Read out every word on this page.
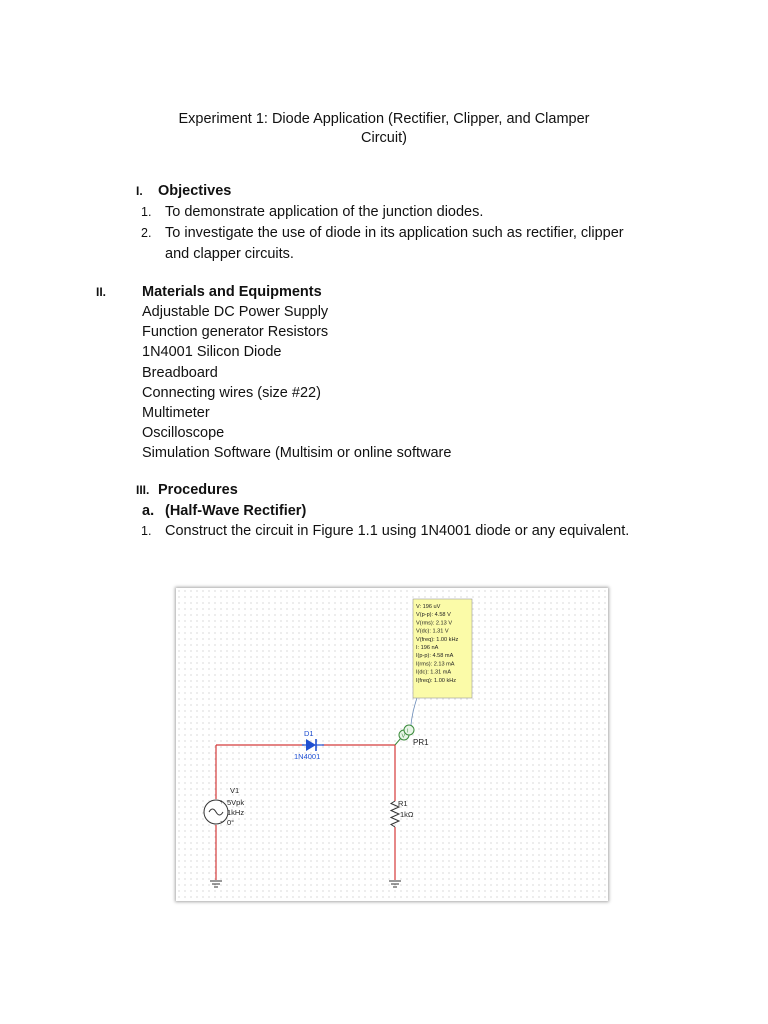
Experiment 1: Diode Application (Rectifier, Clipper, and Clamper
Circuit)
I. Objectives
1. To demonstrate application of the junction diodes.
2. To investigate the use of diode in its application such as rectifier, clipper
and clapper circuits.
II. Materials and Equipments
Adjustable DC Power Supply
Function generator Resistors
1N4001 Silicon Diode
Breadboard
Connecting wires (size #22)
Multimeter
Oscilloscope
Simulation Software (Multisim or online software
III. Procedures
a. (Half-Wave Rectifier)
1. Construct the circuit in Figure 1.1 using 1N4001 diode or any equivalent.
D1
1N4001
+
−
V1
5Vpk
1kHz
0°
R1
1kΩ
V
I
PR1
V: 196 uV
V(p-p): 4.58 V
V(rms): 2.13 V
V(dc): 1.31 V
V(freq): 1.00 kHz
I: 196 nA
I(p-p): 4.58 mA
I(rms): 2.13 mA
I(dc): 1.31 mA
I(freq): 1.00 kHz
